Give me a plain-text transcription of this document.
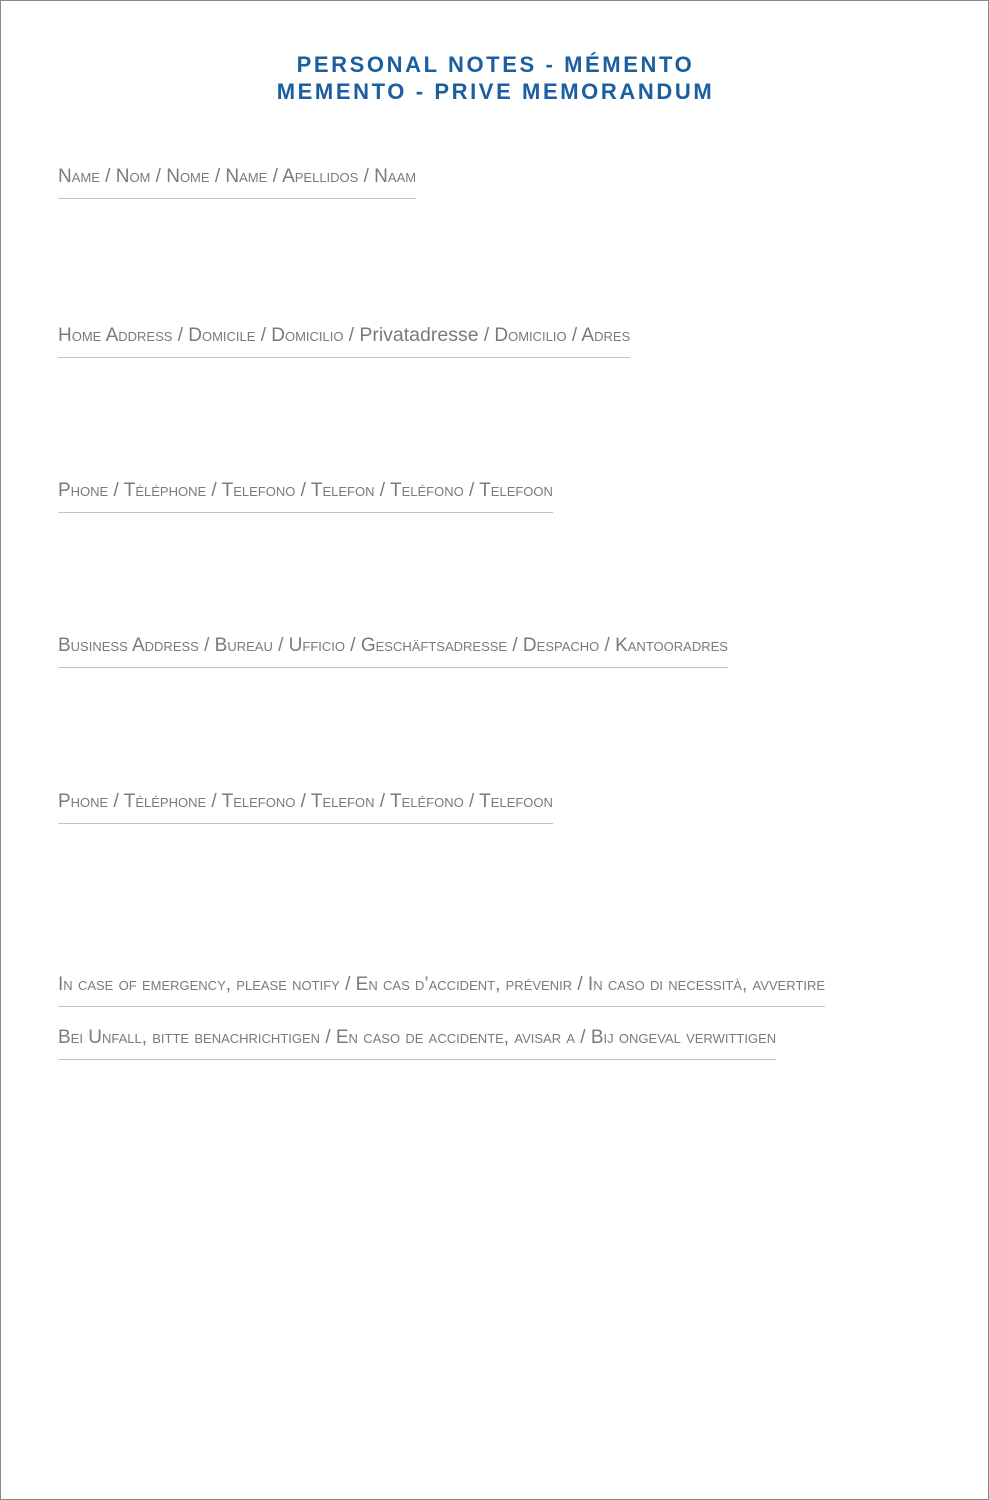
PERSONAL NOTES - MÉMENTO
MEMENTO - PRIVE MEMORANDUM
Name / Nom / Nome / Name / Apellidos / Naam
Home Address / Domicile / Domicilio / Privatadresse / Domicilio / Adres
Phone / Téléphone / Telefono / Telefon / Teléfono / Telefoon
Business Address / Bureau / Ufficio / Geschäftsadresse / Despacho / Kantooradres
Phone / Téléphone / Telefono / Telefon / Teléfono / Telefoon
In case of emergency, please notify / En cas d’accident, prévenir / In caso di necessità, avvertire
Bei Unfall, bitte benachrichtigen / En caso de accidente, avisar a / Bij ongeval verwittigen
